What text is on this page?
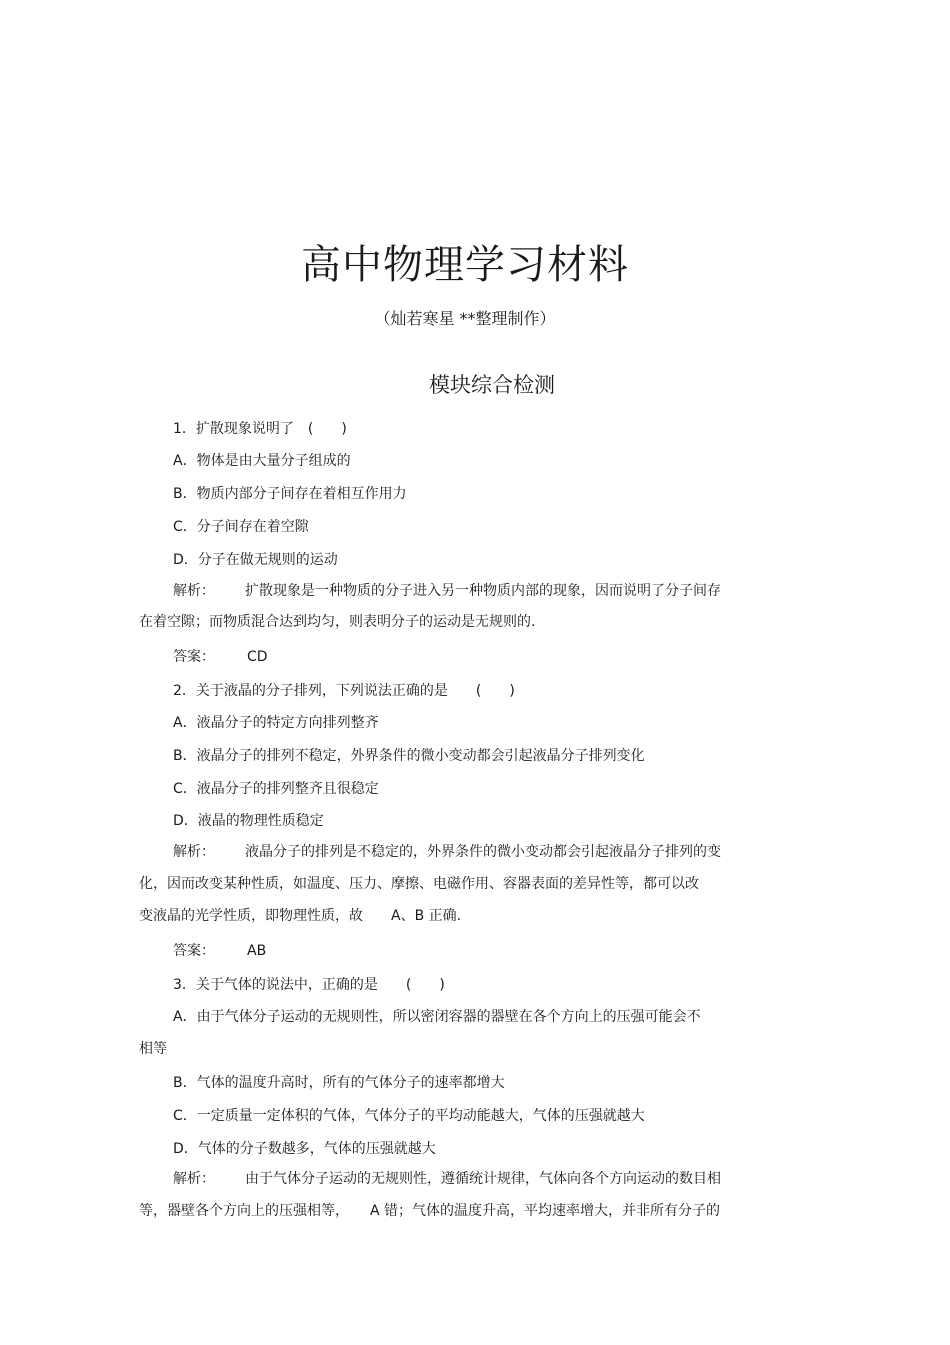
高中物理学习材料
（灿若寒星 **整理制作）
模块综合检测
1．扩散现象说明了　(　　)
A．物体是由大量分子组成的
B．物质内部分子间存在着相互作用力
C．分子间存在着空隙
D．分子在做无规则的运动
解析： 扩散现象是一种物质的分子进入另一种物质内部的现象，因而说明了分子间存
在着空隙；而物质混合达到均匀，则表明分子的运动是无规则的.
答案： CD
2．关于液晶的分子排列，下列说法正确的是　　(　　)
A．液晶分子的特定方向排列整齐
B．液晶分子的排列不稳定，外界条件的微小变动都会引起液晶分子排列变化
C．液晶分子的排列整齐且很稳定
D．液晶的物理性质稳定
解析： 液晶分子的排列是不稳定的，外界条件的微小变动都会引起液晶分子排列的变
化，因而改变某种性质，如温度、压力、摩擦、电磁作用、容器表面的差异性等，都可以改
变液晶的光学性质，即物理性质，故　　A、B 正确.
答案： AB
3．关于气体的说法中，正确的是　　(　　)
A．由于气体分子运动的无规则性，所以密闭容器的器壁在各个方向上的压强可能会不
相等
B．气体的温度升高时，所有的气体分子的速率都增大
C．一定质量一定体积的气体，气体分子的平均动能越大，气体的压强就越大
D．气体的分子数越多，气体的压强就越大
解析： 由于气体分子运动的无规则性，遵循统计规律，气体向各个方向运动的数目相
等，器壁各个方向上的压强相等，　　A 错；气体的温度升高，平均速率增大，并非所有分子的
